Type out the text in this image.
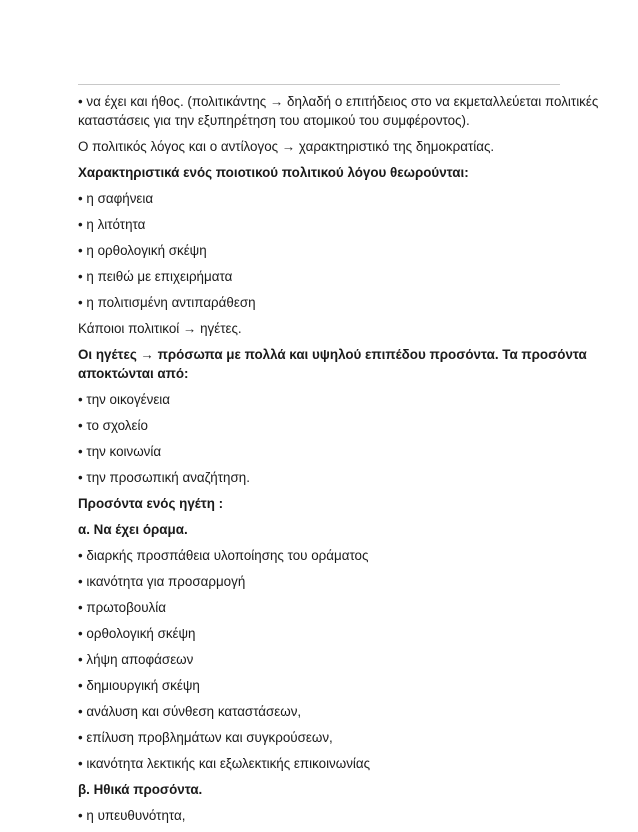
• να έχει και ήθος. (πολιτικάντης → δηλαδή ο επιτήδειος στο να εκμεταλλεύεται πολιτικές

καταστάσεις για την εξυπηρέτηση του ατομικού του συμφέροντος).

Ο πολιτικός λόγος και ο αντίλογος → χαρακτηριστικό της δημοκρατίας.

Χαρακτηριστικά ενός ποιοτικού πολιτικού λόγου θεωρούνται:

• η σαφήνεια

• η λιτότητα

• η ορθολογική σκέψη

• η πειθώ με επιχειρήματα

• η πολιτισμένη αντιπαράθεση

Κάποιοι πολιτικοί → ηγέτες.

Οι ηγέτες → πρόσωπα με πολλά και υψηλού επιπέδου προσόντα. Τα προσόντα

αποκτώνται από:

• την οικογένεια

• το σχολείο

• την κοινωνία

• την προσωπική αναζήτηση.

Προσόντα ενός ηγέτη :

α. Να έχει όραμα.

• διαρκής προσπάθεια υλοποίησης του οράματος

• ικανότητα για προσαρμογή

• πρωτοβουλία

• ορθολογική σκέψη

• λήψη αποφάσεων

• δημιουργική σκέψη

• ανάλυση και σύνθεση καταστάσεων,

• επίλυση προβλημάτων και συγκρούσεων,

• ικανότητα λεκτικής και εξωλεκτικής επικοινωνίας

β. Ηθικά προσόντα.

• η υπευθυνότητα,
